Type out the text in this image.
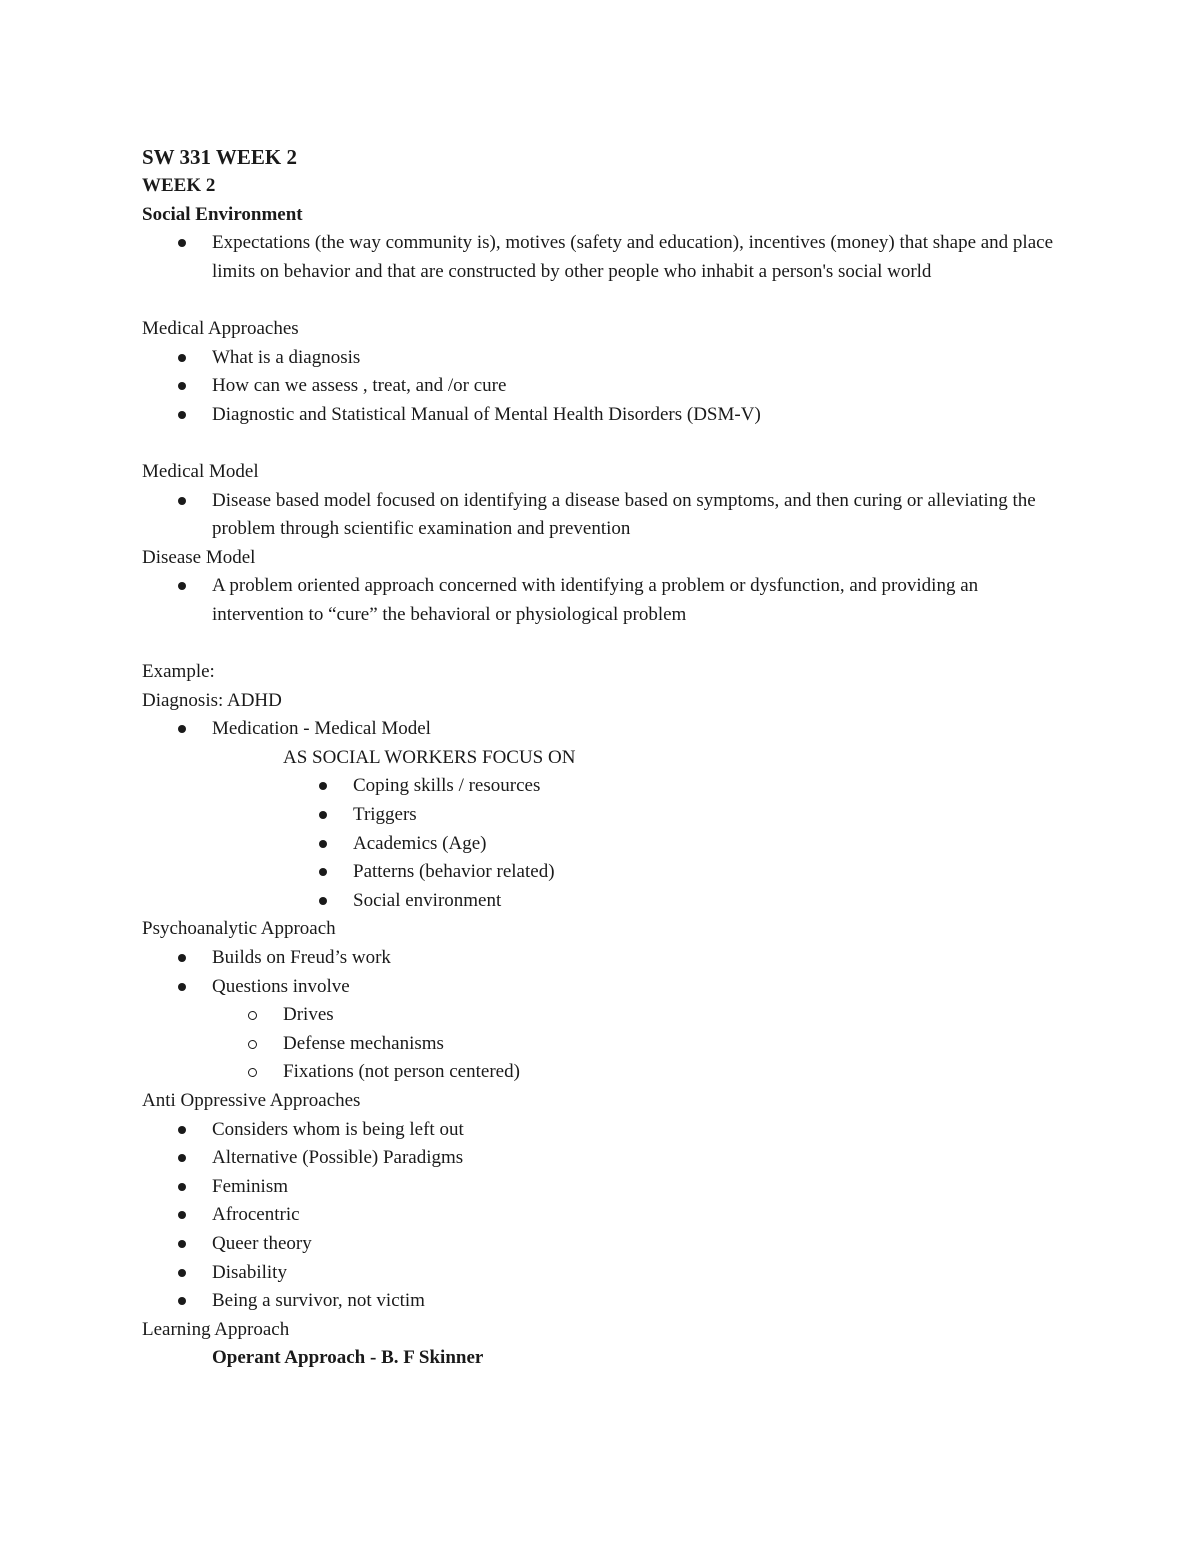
SW 331 WEEK 2
WEEK 2
Social Environment
Expectations (the way community is), motives (safety and education), incentives (money) that shape and place limits on behavior and that are constructed by other people who inhabit a person's social world
Medical Approaches
What is a diagnosis
How can we assess , treat, and /or cure
Diagnostic and Statistical Manual of Mental Health Disorders (DSM-V)
Medical Model
Disease based model focused on identifying a disease based on symptoms, and then curing or alleviating the problem through scientific examination and prevention
Disease Model
A problem oriented approach concerned with identifying a problem or dysfunction, and providing an intervention to “cure” the behavioral or physiological problem
Example:
Diagnosis: ADHD
Medication - Medical Model
AS SOCIAL WORKERS FOCUS ON
Coping skills / resources
Triggers
Academics (Age)
Patterns (behavior related)
Social environment
Psychoanalytic Approach
Builds on Freud’s work
Questions involve
Drives
Defense mechanisms
Fixations (not person centered)
Anti Oppressive Approaches
Considers whom is being left out
Alternative (Possible) Paradigms
Feminism
Afrocentric
Queer theory
Disability
Being a survivor, not victim
Learning Approach
Operant Approach - B. F Skinner
